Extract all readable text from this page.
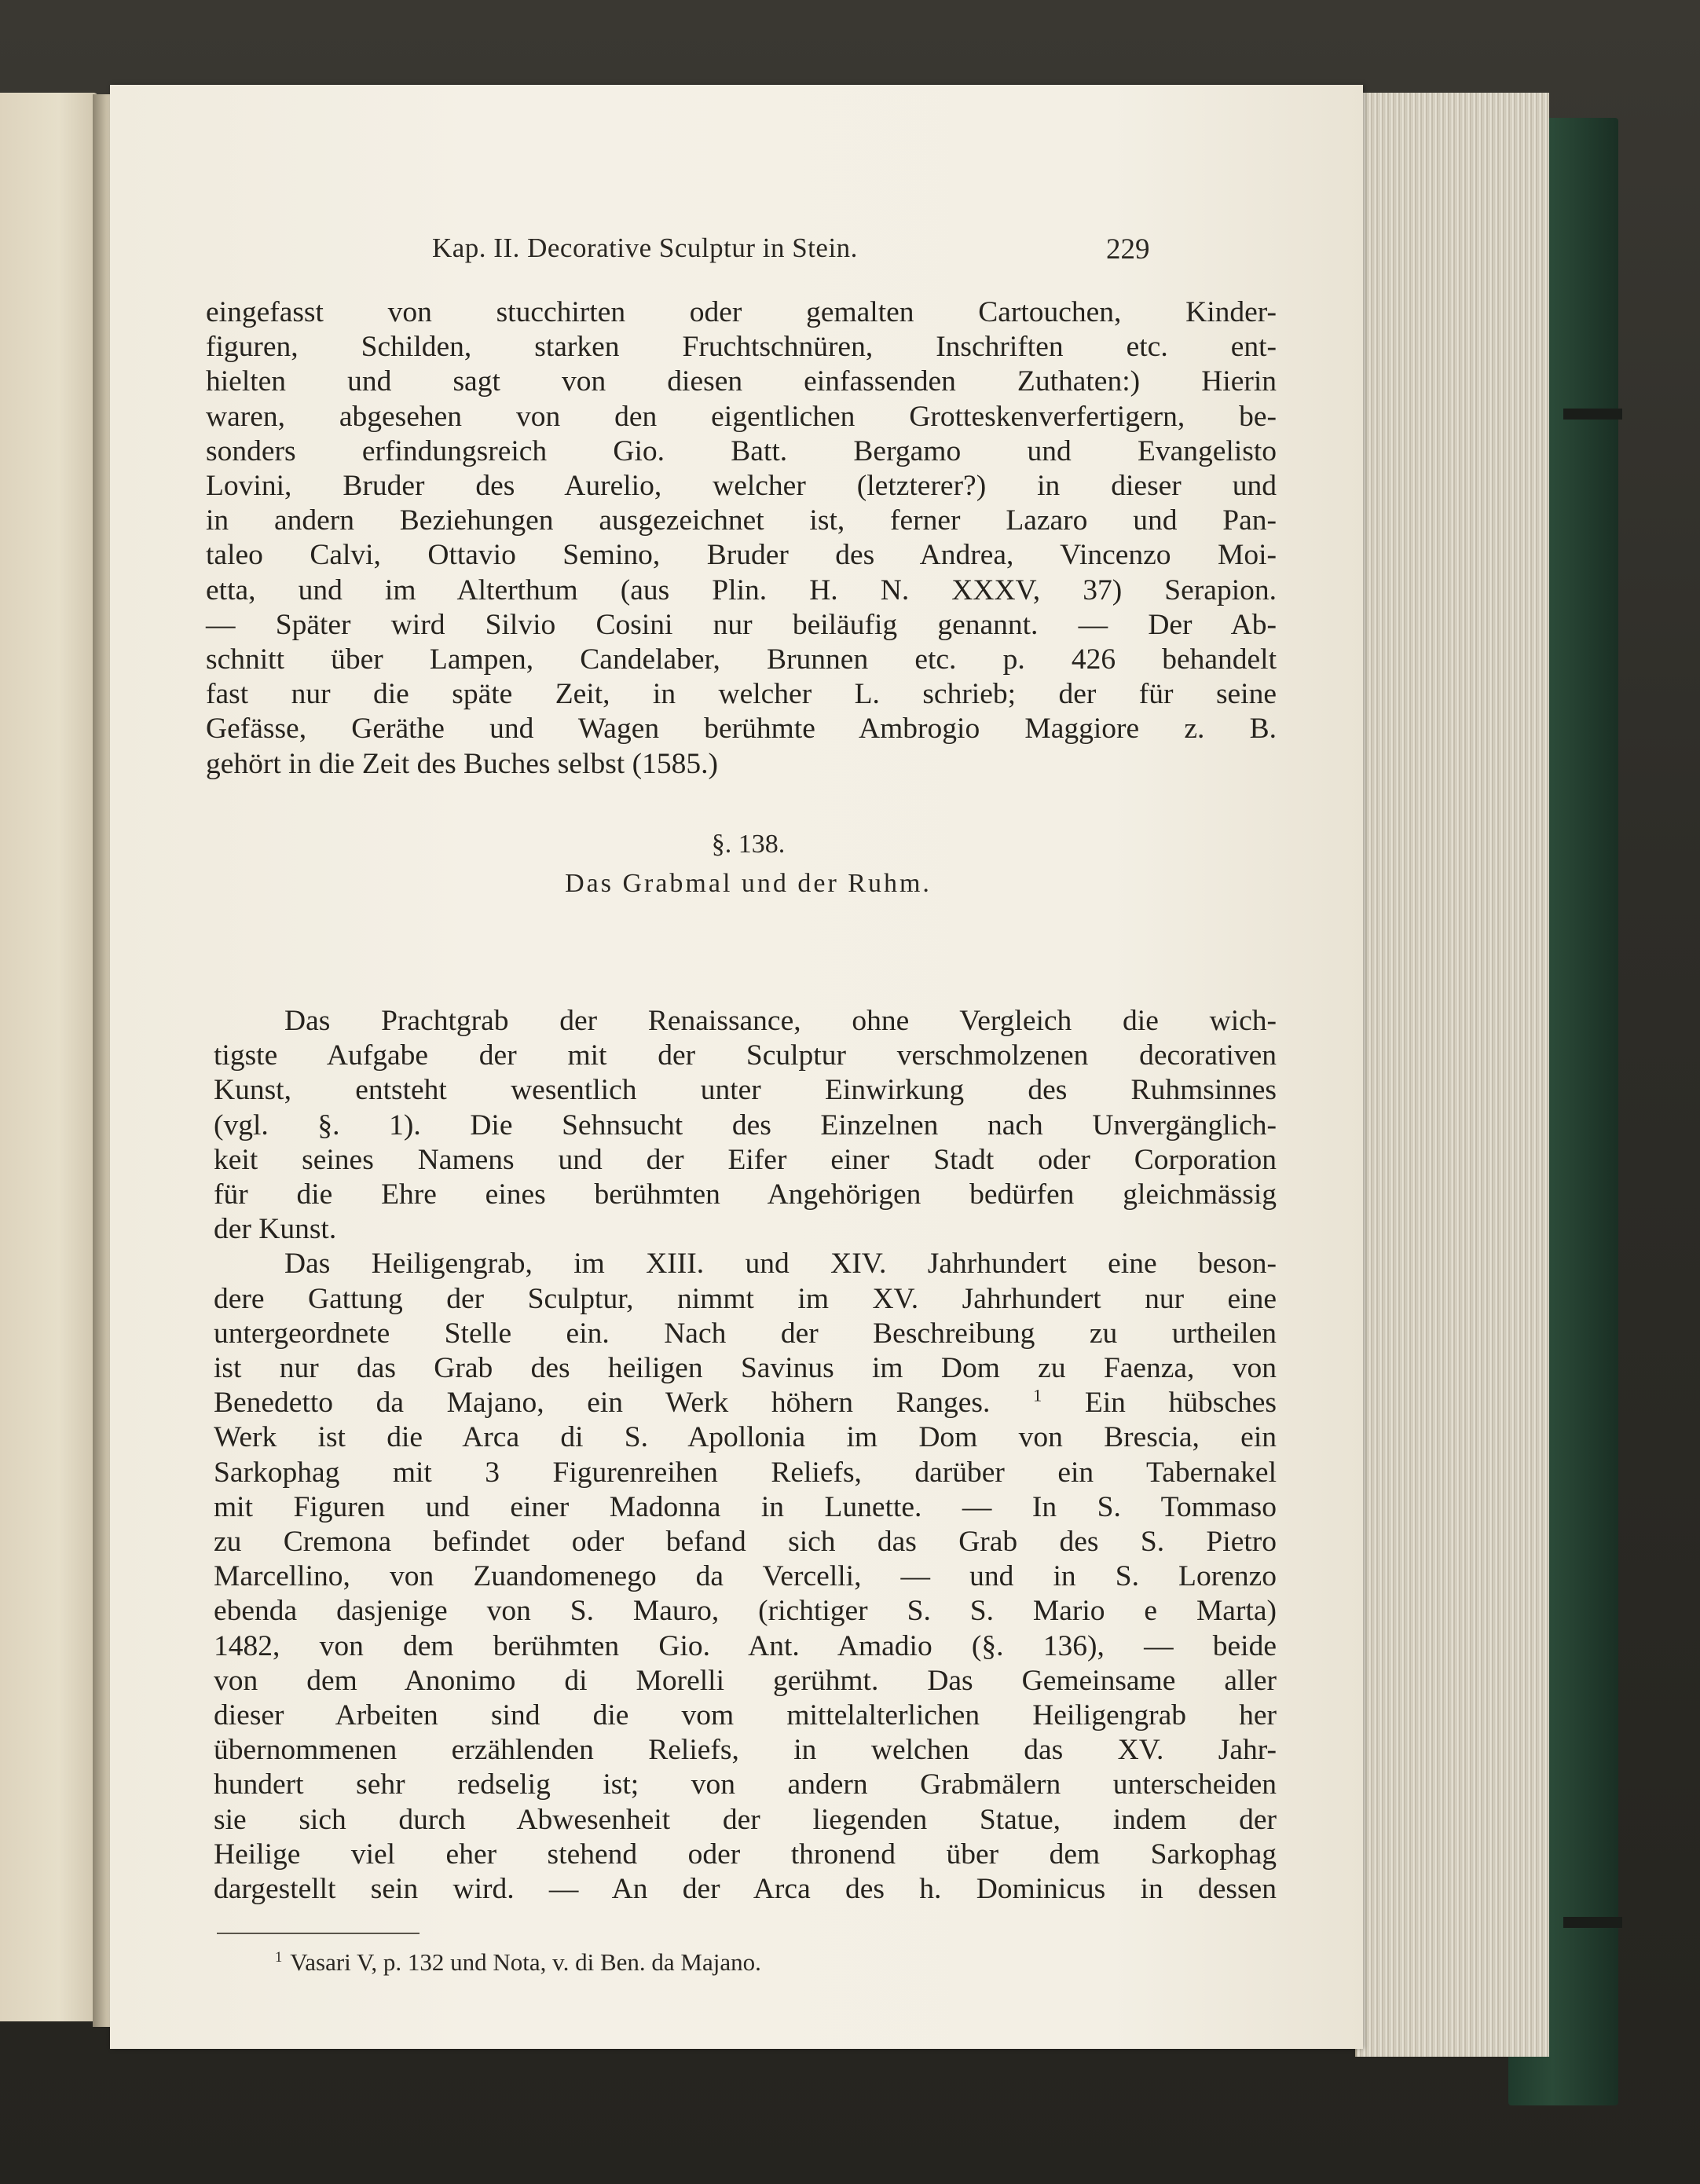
Kap. II. Decorative Sculptur in Stein.	229
eingefasst von stucchirten oder gemalten Cartouchen, Kinder-
figuren, Schilden, starken Fruchtschnüren, Inschriften etc. ent-
hielten und sagt von diesen einfassenden Zuthaten:) Hierin
waren, abgesehen von den eigentlichen Grotteskenverfertigern, be-
sonders erfindungsreich Gio. Batt. Bergamo und Evangelisto
Lovini, Bruder des Aurelio, welcher (letzterer?) in dieser und
in andern Beziehungen ausgezeichnet ist, ferner Lazaro und Pan-
taleo Calvi, Ottavio Semino, Bruder des Andrea, Vincenzo Moi-
etta, und im Alterthum (aus Plin. H. N. XXXV, 37) Serapion.
— Später wird Silvio Cosini nur beiläufig genannt. — Der Ab-
schnitt über Lampen, Candelaber, Brunnen etc. p. 426 behandelt
fast nur die späte Zeit, in welcher L. schrieb; der für seine
Gefässe, Geräthe und Wagen berühmte Ambrogio Maggiore z. B.
gehört in die Zeit des Buches selbst (1585.)
§. 138.
Das Grabmal und der Ruhm.
Das Prachtgrab der Renaissance, ohne Vergleich die wich-
tigste Aufgabe der mit der Sculptur verschmolzenen decorativen
Kunst, entsteht wesentlich unter Einwirkung des Ruhmsinnes
(vgl. §. 1). Die Sehnsucht des Einzelnen nach Unvergänglich-
keit seines Namens und der Eifer einer Stadt oder Corporation
für die Ehre eines berühmten Angehörigen bedürfen gleichmässig
der Kunst.
Das Heiligengrab, im XIII. und XIV. Jahrhundert eine beson-
dere Gattung der Sculptur, nimmt im XV. Jahrhundert nur eine
untergeordnete Stelle ein. Nach der Beschreibung zu urtheilen
ist nur das Grab des heiligen Savinus im Dom zu Faenza, von
Benedetto da Majano, ein Werk höhern Ranges. $^1$ Ein hübsches
Werk ist die Arca di S. Apollonia im Dom von Brescia, ein
Sarkophag mit 3 Figurenreihen Reliefs, darüber ein Tabernakel
mit Figuren und einer Madonna in Lunette. — In S. Tommaso
zu Cremona befindet oder befand sich das Grab des S. Pietro
Marcellino, von Zuandomenego da Vercelli, — und in S. Lorenzo
ebenda dasjenige von S. Mauro, (richtiger S. S. Mario e Marta)
1482, von dem berühmten Gio. Ant. Amadio (§. 136), — beide
von dem Anonimo di Morelli gerühmt. Das Gemeinsame aller
dieser Arbeiten sind die vom mittelalterlichen Heiligengrab her
übernommenen erzählenden Reliefs, in welchen das XV. Jahr-
hundert sehr redselig ist; von andern Grabmälern unterscheiden
sie sich durch Abwesenheit der liegenden Statue, indem der
Heilige viel eher stehend oder thronend über dem Sarkophag
dargestellt sein wird. — An der Arca des h. Dominicus in dessen
$^1$ Vasari V, p. 132 und Nota, v. di Ben. da Majano.
